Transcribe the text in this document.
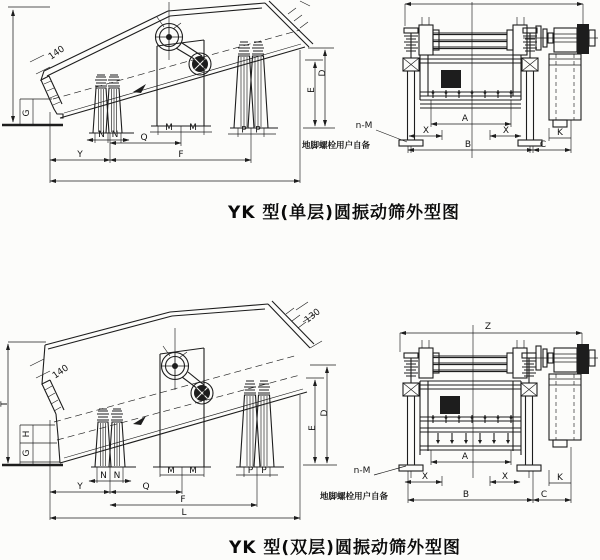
G
140
N N Q
M M	P P
Y	F
D
E
n-M
地脚螺栓用户自备
A
X	X	K
B	C
YK 型(单层)圆振动筛外型图
T
H
G
140
130
N N	M M	P P
Y	Q
F
L
Z
D
E
n-M
地脚螺栓用户自备
A
X	X	K
B	C
YK 型(双层)圆振动筛外型图
